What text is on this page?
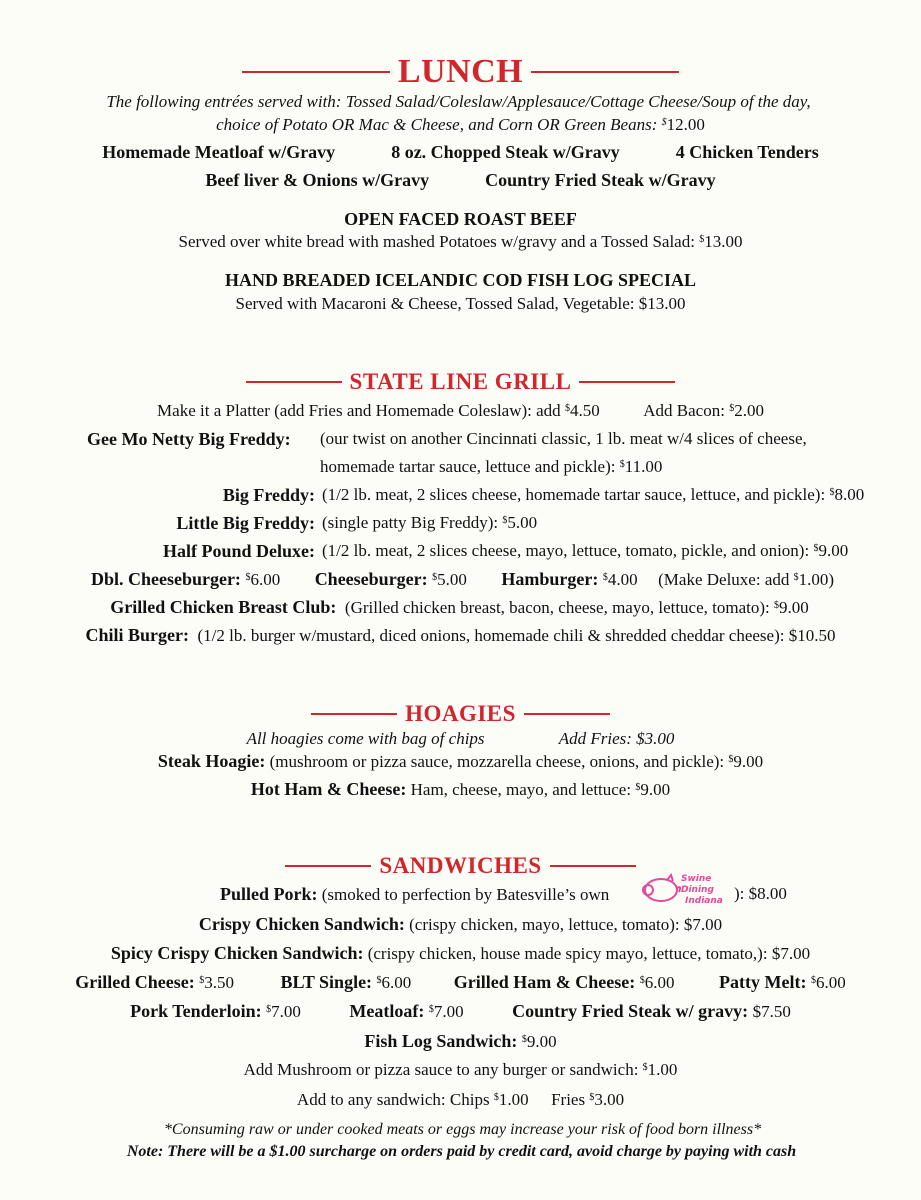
LUNCH
The following entrées served with: Tossed Salad/Coleslaw/Applesauce/Cottage Cheese/Soup of the day,
choice of Potato OR Mac & Cheese, and Corn OR Green Beans: $12.00
Homemade Meatloaf w/Gravy	8 oz. Chopped Steak w/Gravy	4 Chicken Tenders
Beef liver & Onions w/Gravy	Country Fried Steak w/Gravy
OPEN FACED ROAST BEEF
Served over white bread with mashed Potatoes w/gravy and a Tossed Salad: $13.00
HAND BREADED ICELANDIC COD FISH LOG SPECIAL
Served with Macaroni & Cheese, Tossed Salad, Vegetable: $13.00
STATE LINE GRILL
Make it a Platter (add Fries and Homemade Coleslaw): add $4.50	Add Bacon: $2.00
Gee Mo Netty Big Freddy: (our twist on another Cincinnati classic, 1 lb. meat w/4 slices of cheese,
homemade tartar sauce, lettuce and pickle): $11.00
Big Freddy: (1/2 lb. meat, 2 slices cheese, homemade tartar sauce, lettuce, and pickle): $8.00
Little Big Freddy: (single patty Big Freddy): $5.00
Half Pound Deluxe: (1/2 lb. meat, 2 slices cheese, mayo, lettuce, tomato, pickle, and onion): $9.00
Dbl. Cheeseburger: $6.00 Cheeseburger: $5.00 Hamburger: $4.00 (Make Deluxe: add $1.00)
Grilled Chicken Breast Club: (Grilled chicken breast, bacon, cheese, mayo, lettuce, tomato): $9.00
Chili Burger: (1/2 lb. burger w/mustard, diced onions, homemade chili & shredded cheddar cheese): $10.50
HOAGIES
All hoagies come with bag of chips	Add Fries: $3.00
Steak Hoagie: (mushroom or pizza sauce, mozzarella cheese, onions, and pickle): $9.00
Hot Ham & Cheese: Ham, cheese, mayo, and lettuce: $9.00
SANDWICHES
Pulled Pork: (smoked to perfection by Batesville’s own	): $8.00
Swine
Dining
Indiana
Crispy Chicken Sandwich: (crispy chicken, mayo, lettuce, tomato): $7.00
Spicy Crispy Chicken Sandwich: (crispy chicken, house made spicy mayo, lettuce, tomato,): $7.00
Grilled Cheese: $3.50	BLT Single: $6.00 Grilled Ham & Cheese: $6.00 Patty Melt: $6.00
Pork Tenderloin: $7.00	Meatloaf: $7.00	Country Fried Steak w/ gravy: $7.50
Fish Log Sandwich: $9.00
Add Mushroom or pizza sauce to any burger or sandwich: $1.00
Add to any sandwich: Chips $1.00  Fries $3.00
*Consuming raw or under cooked meats or eggs may increase your risk of food born illness*
Note: There will be a $1.00 surcharge on orders paid by credit card, avoid charge by paying with cash
